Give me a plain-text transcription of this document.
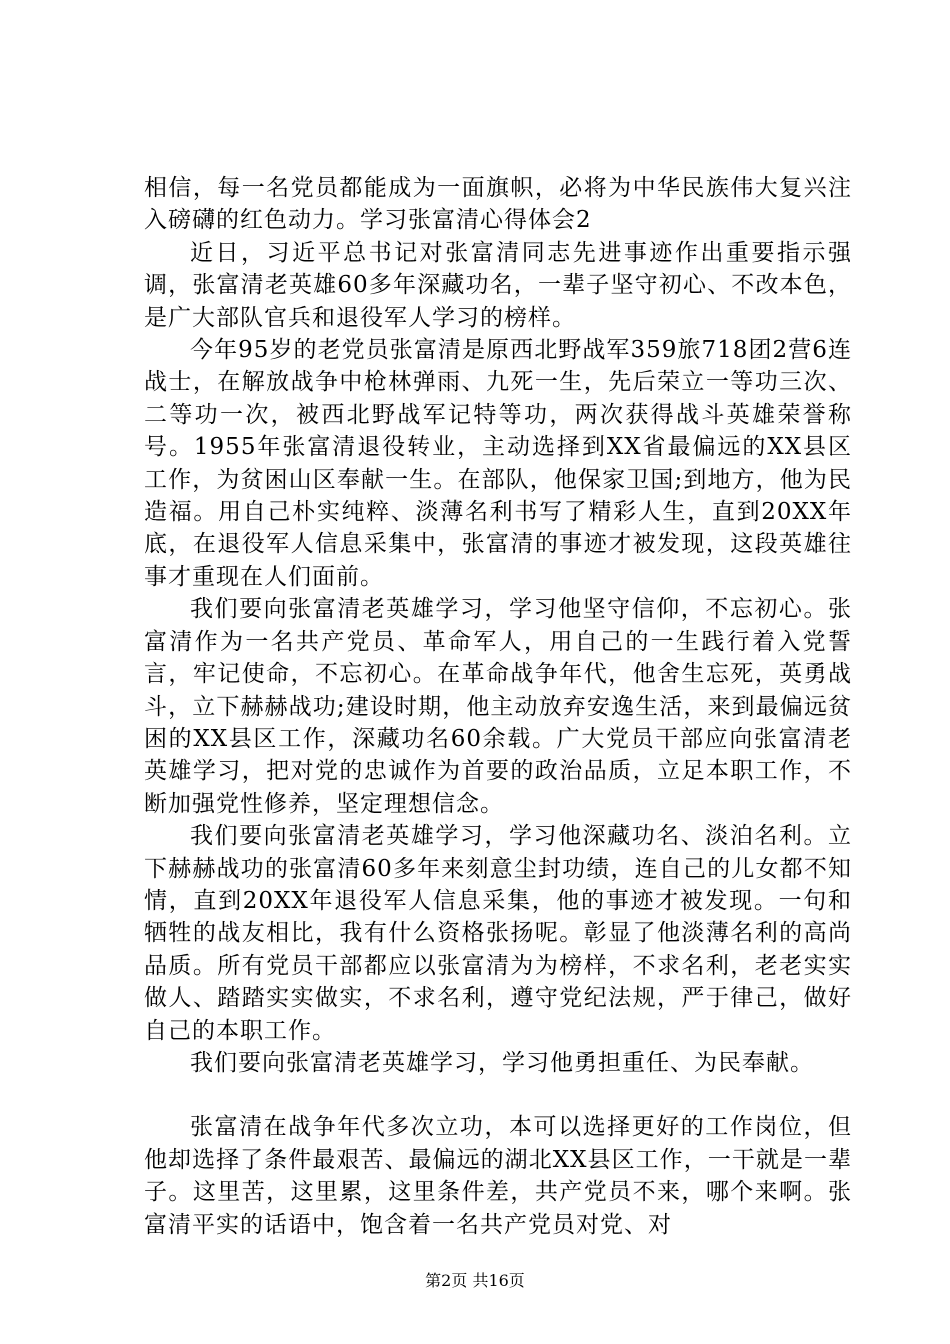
相信，每一名党员都能成为一面旗帜，必将为中华民族伟大复兴注入磅礴的红色动力。学习张富清心得体会2

近日，习近平总书记对张富清同志先进事迹作出重要指示强调，张富清老英雄60多年深藏功名，一辈子坚守初心、不改本色，是广大部队官兵和退役军人学习的榜样。

今年95岁的老党员张富清是原西北野战军359旅718团2营6连战士，在解放战争中枪林弹雨、九死一生，先后荣立一等功三次、二等功一次，被西北野战军记特等功，两次获得战斗英雄荣誉称号。1955年张富清退役转业，主动选择到XX省最偏远的XX县区工作，为贫困山区奉献一生。在部队，他保家卫国;到地方，他为民造福。用自己朴实纯粹、淡薄名利书写了精彩人生，直到20XX年底，在退役军人信息采集中，张富清的事迹才被发现，这段英雄往事才重现在人们面前。

我们要向张富清老英雄学习，学习他坚守信仰，不忘初心。张富清作为一名共产党员、革命军人，用自己的一生践行着入党誓言，牢记使命，不忘初心。在革命战争年代，他舍生忘死，英勇战斗，立下赫赫战功;建设时期，他主动放弃安逸生活，来到最偏远贫困的XX县区工作，深藏功名60余载。广大党员干部应向张富清老英雄学习，把对党的忠诚作为首要的政治品质，立足本职工作，不断加强党性修养，坚定理想信念。

我们要向张富清老英雄学习，学习他深藏功名、淡泊名利。立下赫赫战功的张富清60多年来刻意尘封功绩，连自己的儿女都不知情，直到20XX年退役军人信息采集，他的事迹才被发现。一句和牺牲的战友相比，我有什么资格张扬呢。彰显了他淡薄名利的高尚品质。所有党员干部都应以张富清为为榜样，不求名利，老老实实做人、踏踏实实做实，不求名利，遵守党纪法规，严于律己，做好自己的本职工作。

我们要向张富清老英雄学习，学习他勇担重任、为民奉献。

张富清在战争年代多次立功，本可以选择更好的工作岗位，但他却选择了条件最艰苦、最偏远的湖北XX县区工作，一干就是一辈子。这里苦，这里累，这里条件差，共产党员不来，哪个来啊。张富清平实的话语中，饱含着一名共产党员对党、对

第2页 共16页
